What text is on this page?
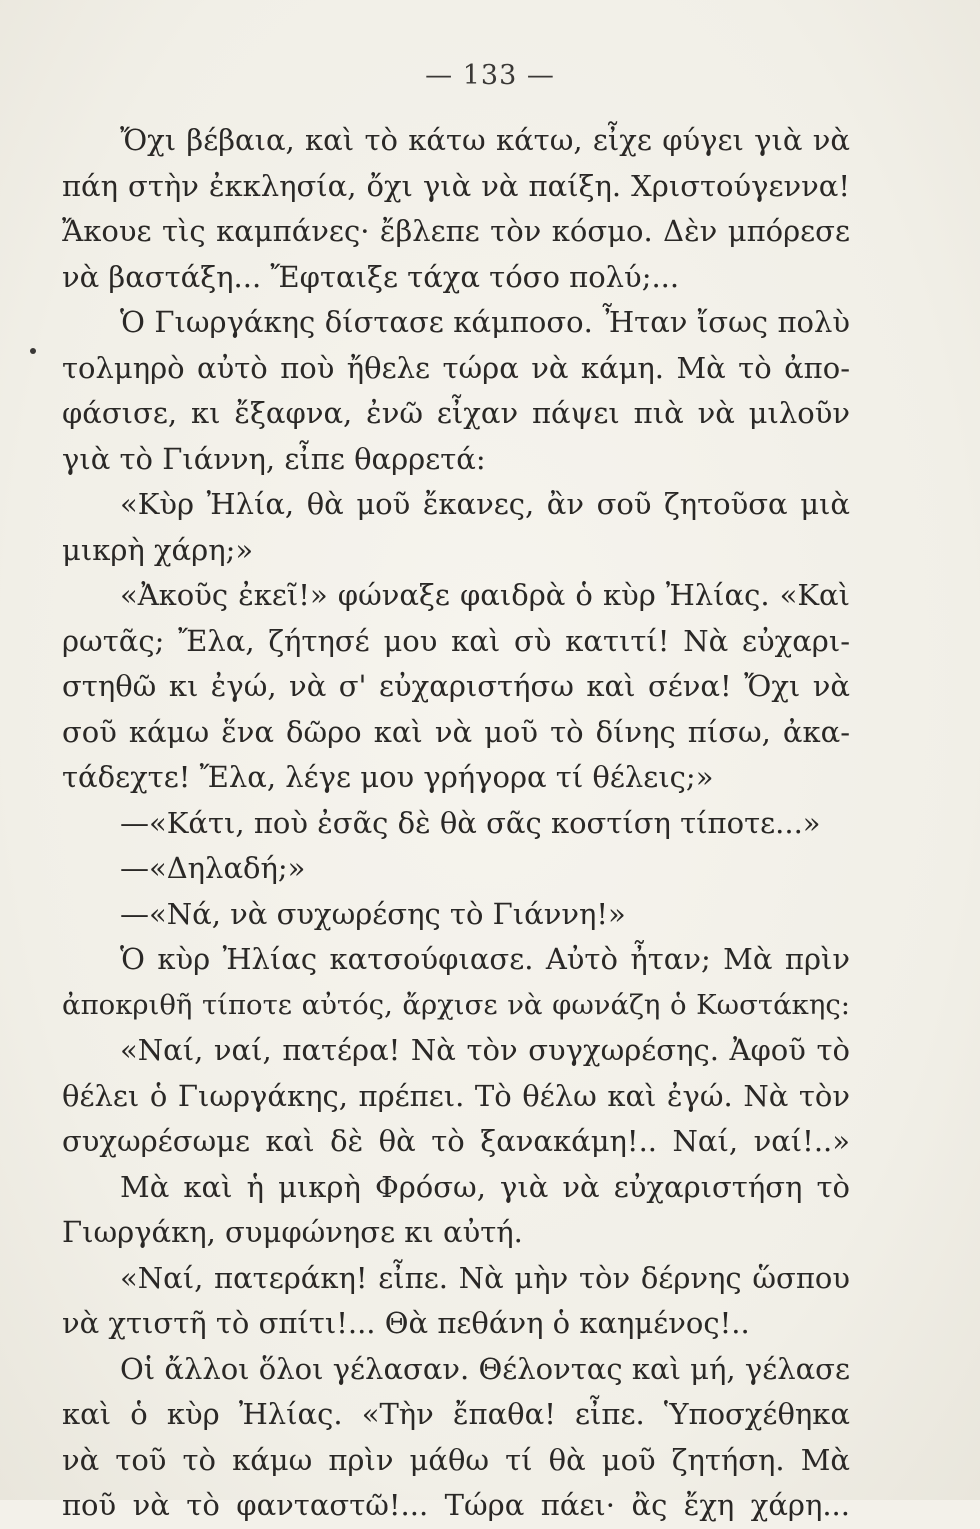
— 133 —
Ὄχι βέβαια, καὶ τὸ κάτω κάτω, εἶχε φύγει γιὰ νὰ
πάη στὴν ἐκκλησία, ὄχι γιὰ νὰ παίξη. Χριστούγεννα!
Ἄκουε τὶς καμπάνες· ἔβλεπε τὸν κόσμο. Δὲν μπόρεσε
νὰ βαστάξη... Ἔφταιξε τάχα τόσο πολύ;...
Ὁ Γιωργάκης δίστασε κάμποσο. Ἦταν ἴσως πολὺ
τολμηρὸ αὐτὸ ποὺ ἤθελε τώρα νὰ κάμη. Μὰ τὸ ἀπο-
φάσισε, κι ἔξαφνα, ἐνῶ εἶχαν πάψει πιὰ νὰ μιλοῦν
γιὰ τὸ Γιάννη, εἶπε θαρρετά:
«Κὺρ Ἠλία, θὰ μοῦ ἔκανες, ἂν σοῦ ζητοῦσα μιὰ
μικρὴ χάρη;»
«Ἀκοῦς ἐκεῖ!» φώναξε φαιδρὰ ὁ κὺρ Ἠλίας. «Καὶ
ρωτᾶς; Ἔλα, ζήτησέ μου καὶ σὺ κατιτί! Νὰ εὐχαρι-
στηθῶ κι ἐγώ, νὰ σ' εὐχαριστήσω καὶ σένα! Ὄχι νὰ
σοῦ κάμω ἕνα δῶρο καὶ νὰ μοῦ τὸ δίνης πίσω, ἀκα-
τάδεχτε! Ἔλα, λέγε μου γρήγορα τί θέλεις;»
—«Κάτι, ποὺ ἐσᾶς δὲ θὰ σᾶς κοστίση τίποτε...»
—«Δηλαδή;»
—«Νά, νὰ συχωρέσης τὸ Γιάννη!»
Ὁ κὺρ Ἠλίας κατσούφιασε. Αὐτὸ ἦταν; Μὰ πρὶν
ἀποκριθῆ τίποτε αὐτός, ἄρχισε νὰ φωνάζη ὁ Κωστάκης:
«Ναί, ναί, πατέρα! Νὰ τὸν συγχωρέσης. Ἀφοῦ τὸ
θέλει ὁ Γιωργάκης, πρέπει. Τὸ θέλω καὶ ἐγώ. Νὰ τὸν
συχωρέσωμε καὶ δὲ θὰ τὸ ξανακάμη!.. Ναί, ναί!..»
Μὰ καὶ ἡ μικρὴ Φρόσω, γιὰ νὰ εὐχαριστήση τὸ
Γιωργάκη, συμφώνησε κι αὐτή.
«Ναί, πατεράκη! εἶπε. Νὰ μὴν τὸν δέρνης ὥσπου
νὰ χτιστῆ τὸ σπίτι!... Θὰ πεθάνη ὁ καημένος!..
Οἱ ἄλλοι ὅλοι γέλασαν. Θέλοντας καὶ μή, γέλασε
καὶ ὁ κὺρ Ἠλίας. «Τὴν ἔπαθα! εἶπε. Ὑποσχέθηκα
νὰ τοῦ τὸ κάμω πρὶν μάθω τί θὰ μοῦ ζητήση. Μὰ
ποῦ νὰ τὸ φανταστῶ!... Τώρα πάει· ἂς ἔχη χάρη...
